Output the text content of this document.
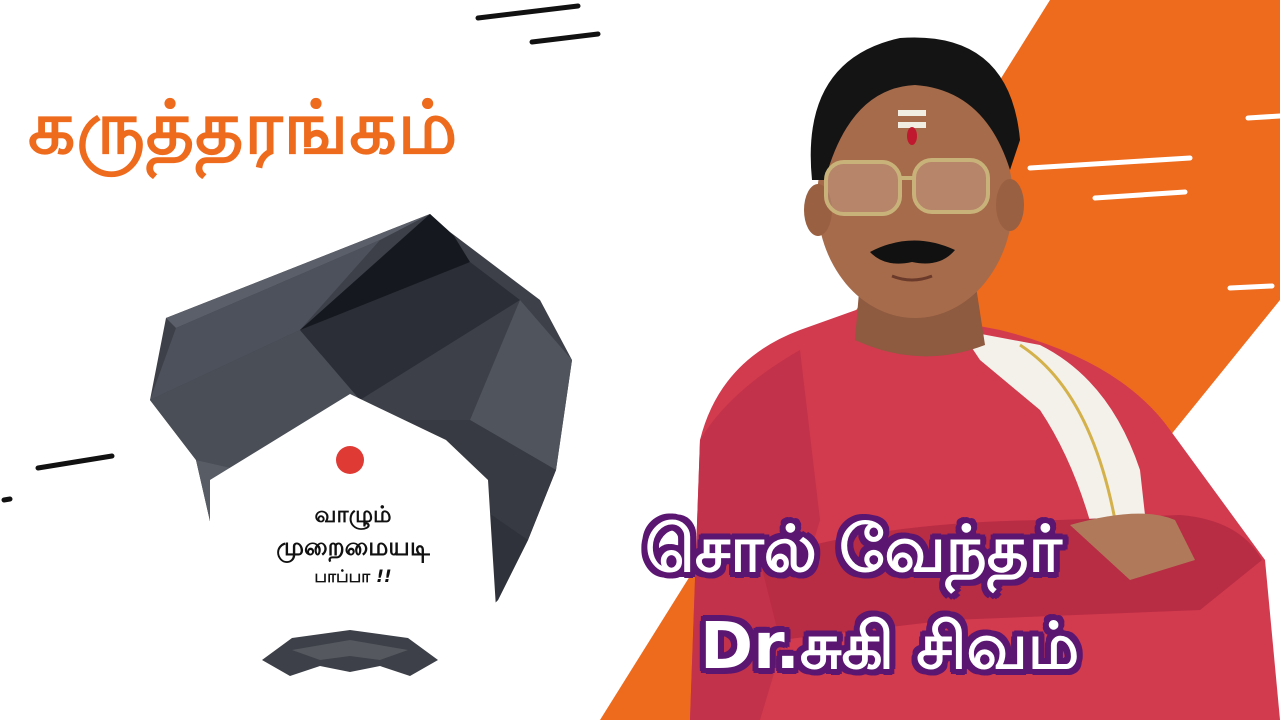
கருத்தரங்கம்
வாழும்
முறைமையடி
பாப்பா !!	சொல் வேந்தர்

Dr.சுகி சிவம்
